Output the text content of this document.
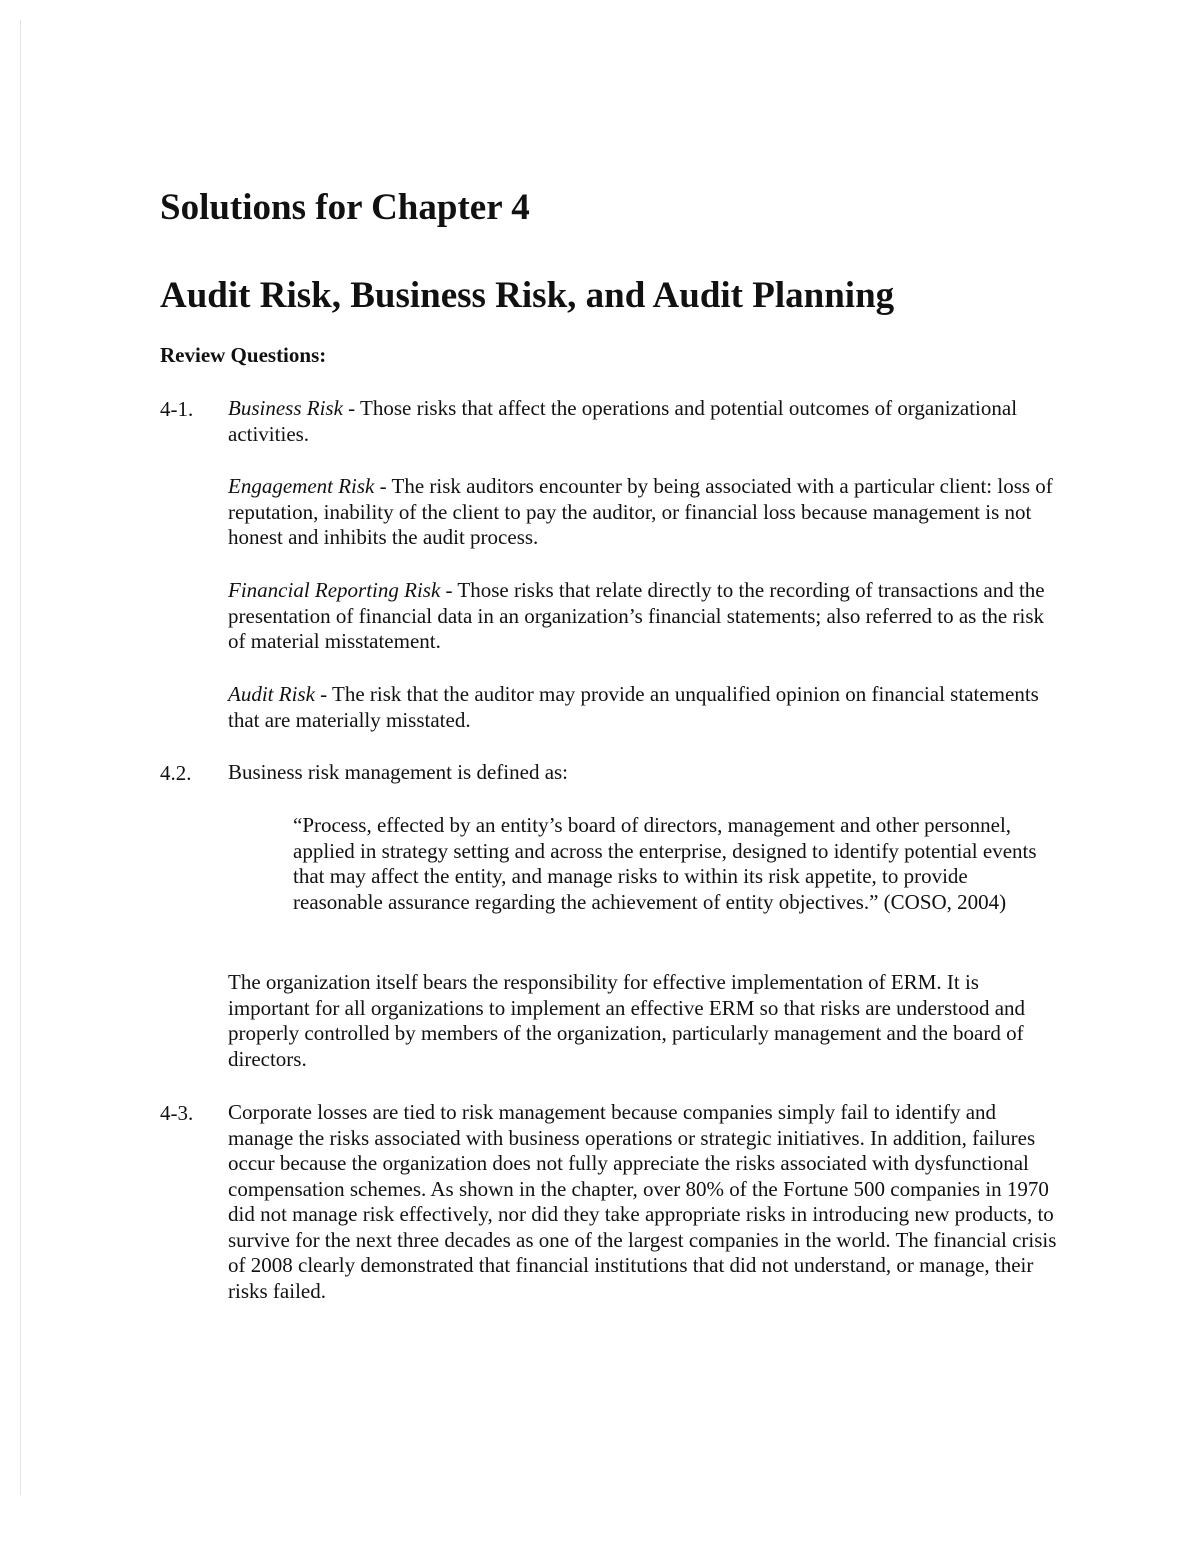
Solutions for Chapter 4
Audit Risk, Business Risk, and Audit Planning
Review Questions:
4-1. Business Risk - Those risks that affect the operations and potential outcomes of organizational activities.

Engagement Risk - The risk auditors encounter by being associated with a particular client: loss of reputation, inability of the client to pay the auditor, or financial loss because management is not honest and inhibits the audit process.

Financial Reporting Risk - Those risks that relate directly to the recording of transactions and the presentation of financial data in an organization’s financial statements; also referred to as the risk of material misstatement.

Audit Risk - The risk that the auditor may provide an unqualified opinion on financial statements that are materially misstated.

4.2. Business risk management is defined as:

“Process, effected by an entity’s board of directors, management and other personnel, applied in strategy setting and across the enterprise, designed to identify potential events that may affect the entity, and manage risks to within its risk appetite, to provide reasonable assurance regarding the achievement of entity objectives.” (COSO, 2004)

The organization itself bears the responsibility for effective implementation of ERM. It is important for all organizations to implement an effective ERM so that risks are understood and properly controlled by members of the organization, particularly management and the board of directors.

4-3. Corporate losses are tied to risk management because companies simply fail to identify and manage the risks associated with business operations or strategic initiatives. In addition, failures occur because the organization does not fully appreciate the risks associated with dysfunctional compensation schemes. As shown in the chapter, over 80% of the Fortune 500 companies in 1970 did not manage risk effectively, nor did they take appropriate risks in introducing new products, to survive for the next three decades as one of the largest companies in the world. The financial crisis of 2008 clearly demonstrated that financial institutions that did not understand, or manage, their risks failed.
